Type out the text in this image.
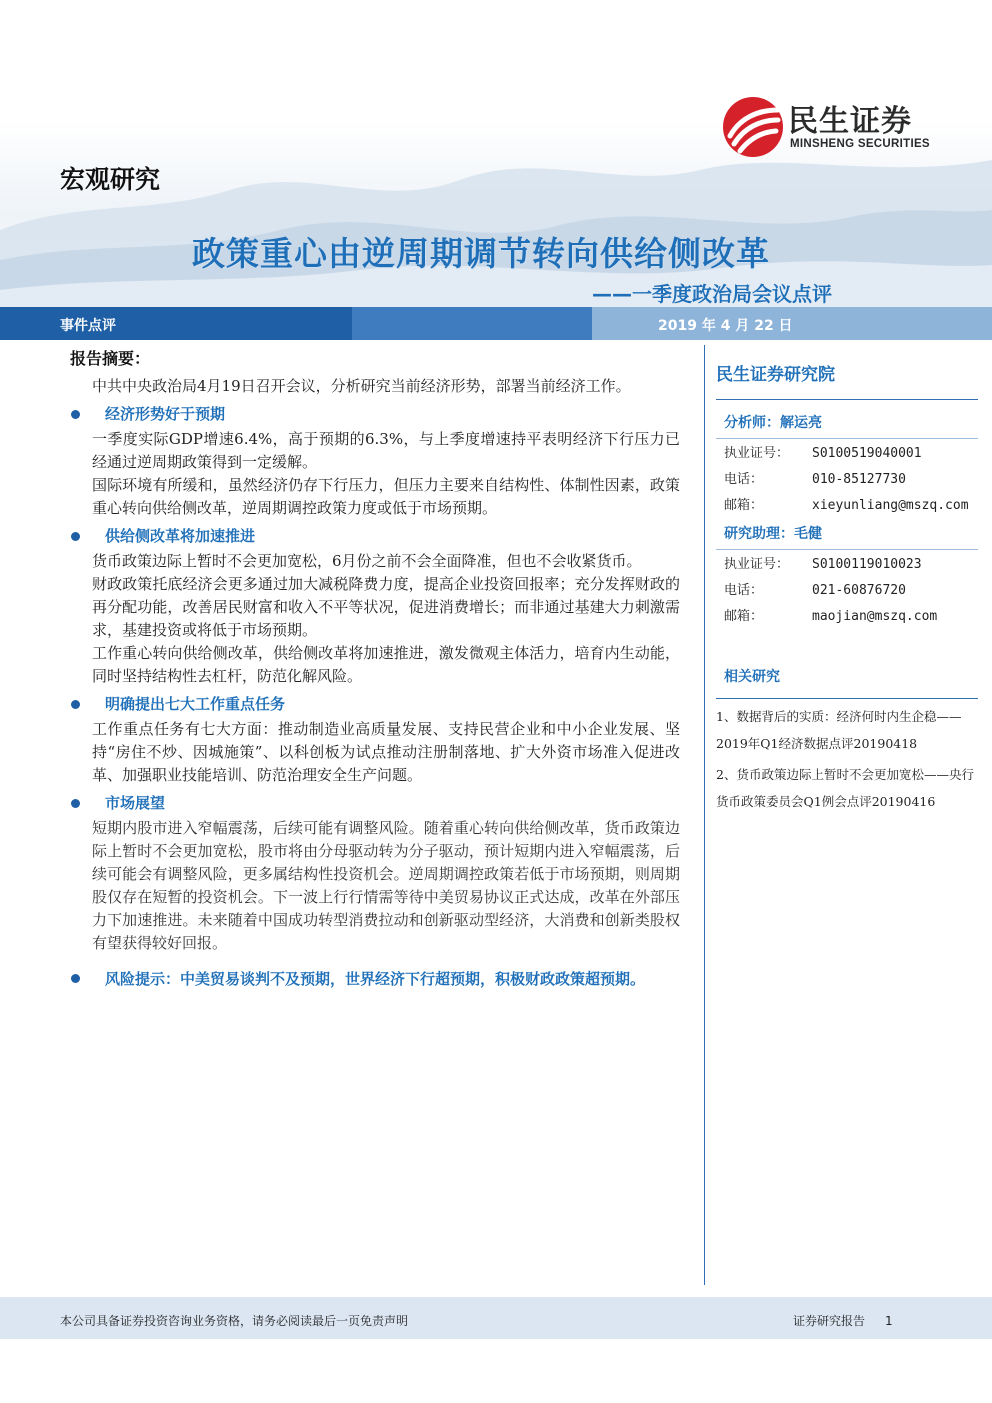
民生证券
MINSHENG SECURITIES
宏观研究
政策重心由逆周期调节转向供给侧改革
——一季度政治局会议点评
事件点评	2019 年 4 月 22 日
报告摘要：
中共中央政治局4月19日召开会议，分析研究当前经济形势，部署当前经济工作。
经济形势好于预期
一季度实际GDP增速6.4%，高于预期的6.3%，与上季度增速持平表明经济下行压力已经通过逆周期政策得到一定缓解。
国际环境有所缓和，虽然经济仍存下行压力，但压力主要来自结构性、体制性因素，政策重心转向供给侧改革，逆周期调控政策力度或低于市场预期。
供给侧改革将加速推进
货币政策边际上暂时不会更加宽松，6月份之前不会全面降准，但也不会收紧货币。
财政政策托底经济会更多通过加大减税降费力度，提高企业投资回报率；充分发挥财政的再分配功能，改善居民财富和收入不平等状况，促进消费增长；而非通过基建大力刺激需求，基建投资或将低于市场预期。
工作重心转向供给侧改革，供给侧改革将加速推进，激发微观主体活力，培育内生动能，同时坚持结构性去杠杆，防范化解风险。
明确提出七大工作重点任务
工作重点任务有七大方面：推动制造业高质量发展、支持民营企业和中小企业发展、坚持“房住不炒、因城施策”、以科创板为试点推动注册制落地、扩大外资市场准入促进改革、加强职业技能培训、防范治理安全生产问题。
市场展望
短期内股市进入窄幅震荡，后续可能有调整风险。随着重心转向供给侧改革，货币政策边际上暂时不会更加宽松，股市将由分母驱动转为分子驱动，预计短期内进入窄幅震荡，后续可能会有调整风险，更多属结构性投资机会。逆周期调控政策若低于市场预期，则周期股仅存在短暂的投资机会。下一波上行行情需等待中美贸易协议正式达成，改革在外部压力下加速推进。未来随着中国成功转型消费拉动和创新驱动型经济，大消费和创新类股权有望获得较好回报。
风险提示：中美贸易谈判不及预期，世界经济下行超预期，积极财政政策超预期。
民生证券研究院
分析师：解运亮
执业证号：	S0100519040001
电话：	010-85127730
邮箱：	xieyunliang@mszq.com
研究助理：毛健
执业证号：	S0100119010023
电话：	021-60876720
邮箱：	maojian@mszq.com
相关研究
1、数据背后的实质：经济何时内生企稳——2019年Q1经济数据点评20190418
2、货币政策边际上暂时不会更加宽松——央行货币政策委员会Q1例会点评20190416
本公司具备证券投资咨询业务资格，请务必阅读最后一页免责声明	证券研究报告 1
